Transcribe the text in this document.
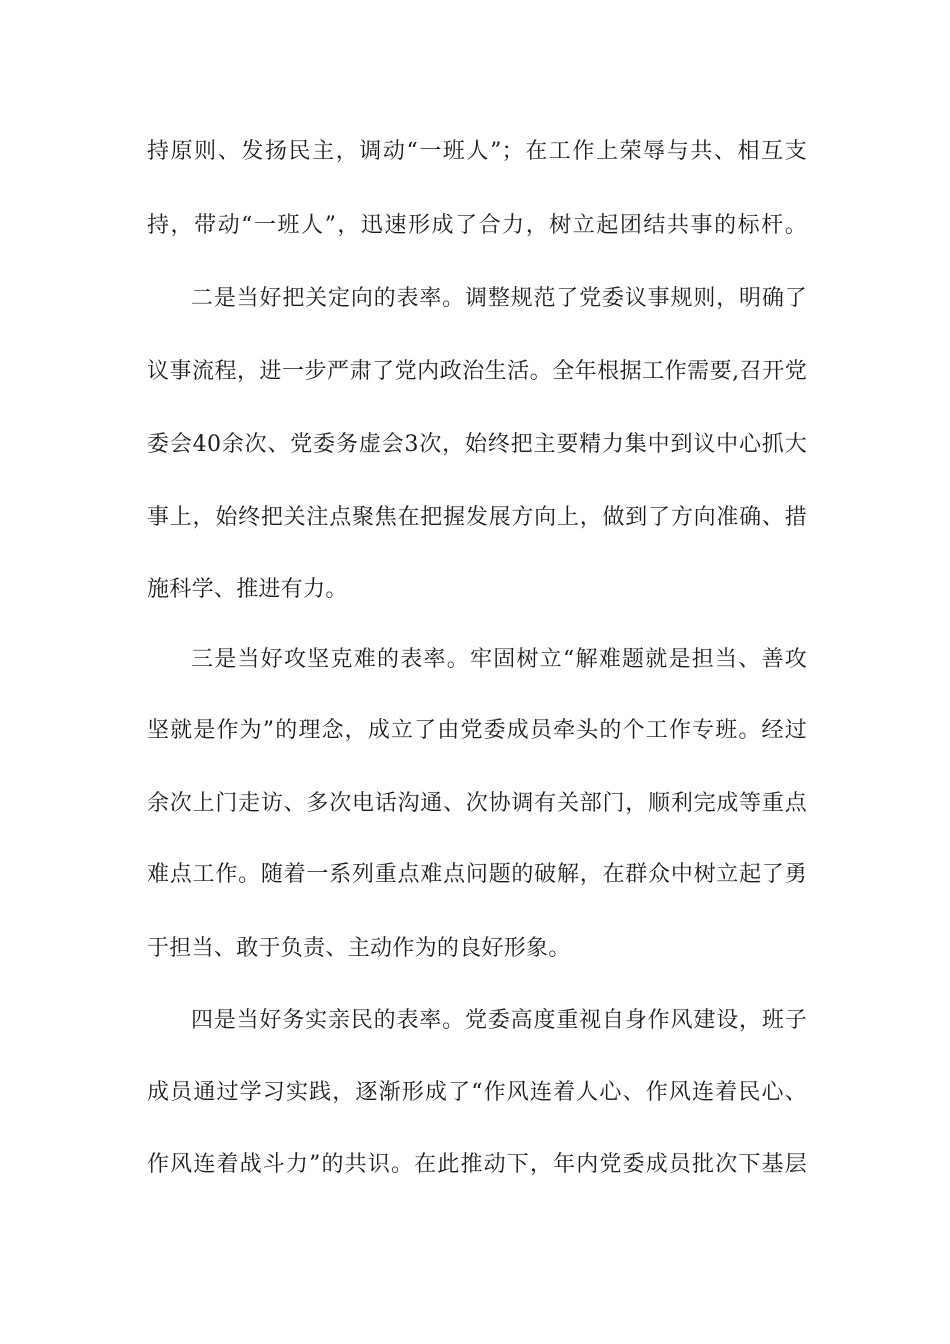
持原则、发扬民主，调动“一班人”；在工作上荣辱与共、相互支
持，带动“一班人”，迅速形成了合力，树立起团结共事的标杆。
二是当好把关定向的表率。调整规范了党委议事规则，明确了
议事流程，进一步严肃了党内政治生活。全年根据工作需要,召开党
委会40余次、党委务虚会3次，始终把主要精力集中到议中心抓大
事上，始终把关注点聚焦在把握发展方向上，做到了方向准确、措
施科学、推进有力。
三是当好攻坚克难的表率。牢固树立“解难题就是担当、善攻
坚就是作为”的理念，成立了由党委成员牵头的个工作专班。经过
余次上门走访、多次电话沟通、次协调有关部门，顺利完成等重点
难点工作。随着一系列重点难点问题的破解，在群众中树立起了勇
于担当、敢于负责、主动作为的良好形象。
四是当好务实亲民的表率。党委高度重视自身作风建设，班子
成员通过学习实践，逐渐形成了“作风连着人心、作风连着民心、
作风连着战斗力”的共识。在此推动下，年内党委成员批次下基层
